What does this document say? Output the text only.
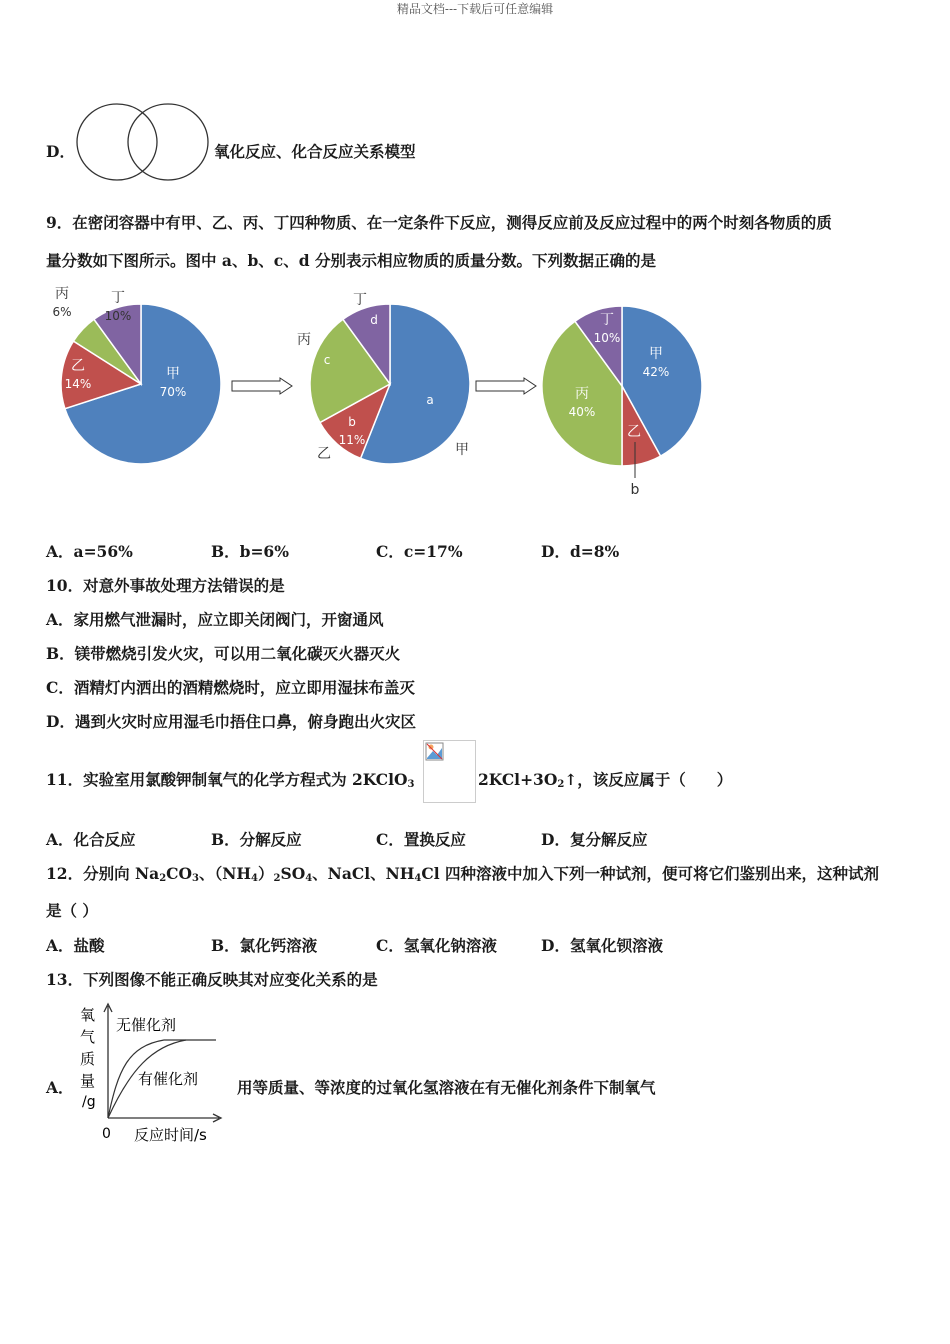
精品文档---下载后可任意编辑
D．	氧化反应、化合反应关系模型
9．在密闭容器中有甲、乙、丙、丁四种物质、在一定条件下反应，测得反应前及反应过程中的两个时刻各物质的质
量分数如下图所示。图中 a、b、c、d 分别表示相应物质的质量分数。下列数据正确的是
甲
70%
乙
14%
丙
6%
丁
10%
a
甲
b
11%
乙
c
丙
d
丁
甲
42%
乙
b
丙
40%
丁
10%
A．a=56%	B．b=6%	C．c=17%	D．d=8%
10．对意外事故处理方法错误的是
A．家用燃气泄漏时，应立即关闭阀门，开窗通风
B．镁带燃烧引发火灾，可以用二氧化碳灭火器灭火
C．酒精灯内洒出的酒精燃烧时，应立即用湿抹布盖灭
D．遇到火灾时应用湿毛巾捂住口鼻，俯身跑出火灾区
11．实验室用氯酸钾制氧气的化学方程式为 2KClO$_3$	$2KCl+3O_2↑$，该反应属于（　　）
A．化合反应	B．分解反应	C．置换反应	D．复分解反应
12．分别向 $Na_2CO_3$、$(NH_4)_2SO_4$、NaCl、$NH_4Cl$ 四种溶液中加入下列一种试剂，便可将它们鉴别出来，这种试剂
是（ ）
A．盐酸	B．氯化钙溶液	C．氢氧化钠溶液	D．氢氧化钡溶液
13．下列图像不能正确反映其对应变化关系的是
A．
氧
气
质
量
/g
无催化剂
有催化剂
0 反应时间/s
用等质量、等浓度的过氧化氢溶液在有无催化剂条件下制氧气
